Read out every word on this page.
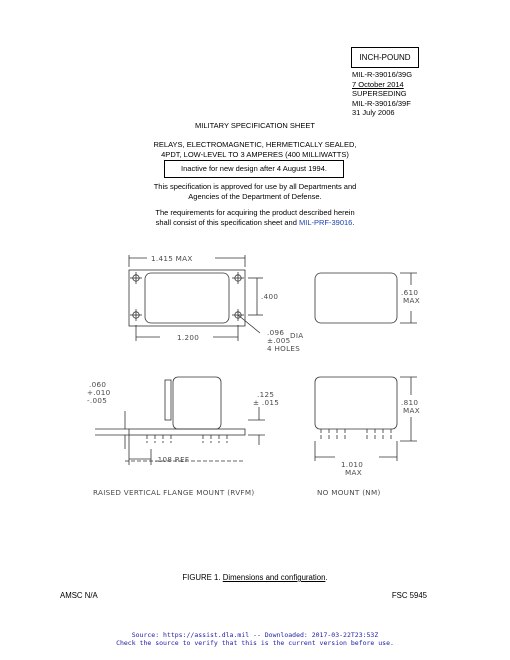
INCH-POUND
MIL-R-39016/39G
7 October 2014
SUPERSEDING
MIL-R-39016/39F
31 July 2006
MILITARY SPECIFICATION SHEET
RELAYS, ELECTROMAGNETIC, HERMETICALLY SEALED,
4PDT, LOW-LEVEL TO 3 AMPERES (400 MILLIWATTS)
Inactive for new design after 4 August 1994.
This specification is approved for use by all Departments and
Agencies of the Department of Defense.
The requirements for acquiring the product described herein
shall consist of this specification sheet and MIL-PRF-39016.
1.415 MAX
.400
1.200
.096 DIA
±.005
4 HOLES
.610
MAX
.060
+.010
-.005
.125
± .015
.108 REF
.810
MAX
1.010
MAX
RAISED VERTICAL FLANGE MOUNT (RVFM)	NO MOUNT (NM)
FIGURE 1. Dimensions and configuration.
AMSC N/A	FSC 5945
Source: https://assist.dla.mil -- Downloaded: 2017-03-22T23:53Z
Check the source to verify that this is the current version before use.
